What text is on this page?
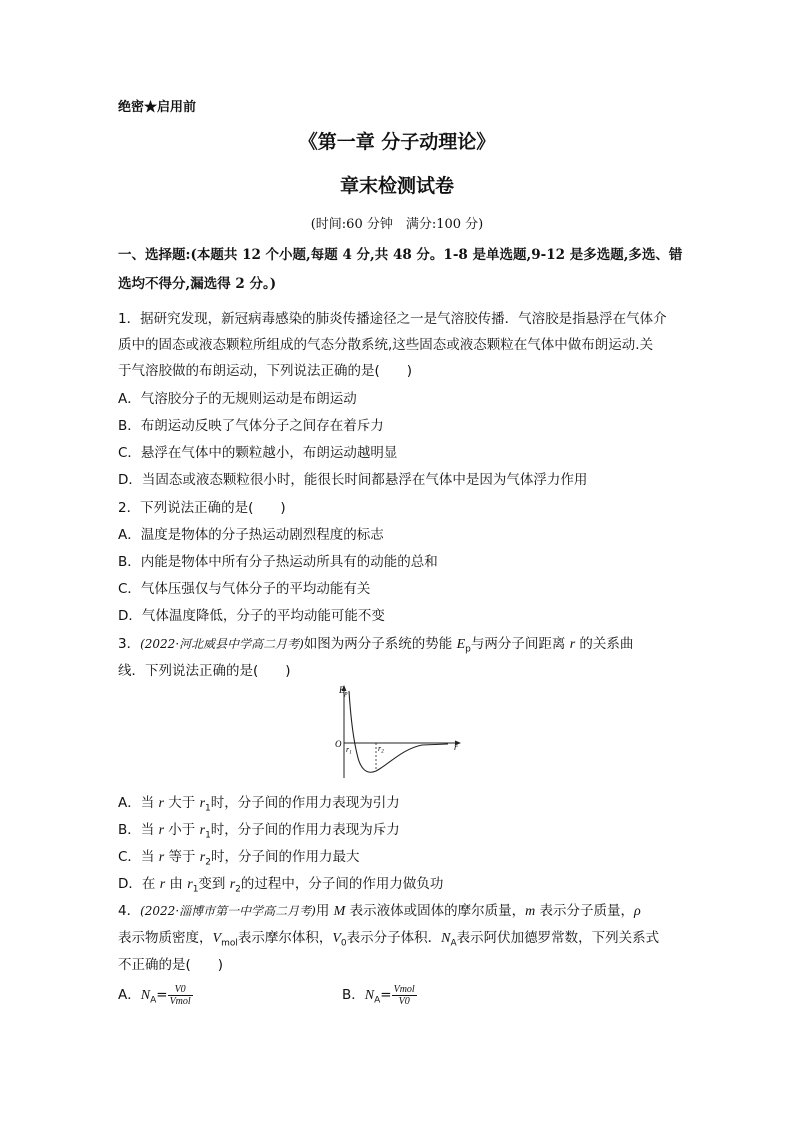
绝密★启用前
《第一章 分子动理论》
章末检测试卷
(时间:60 分钟　满分:100 分)
一、选择题:(本题共 12 个小题,每题 4 分,共 48 分。1-8 是单选题,9-12 是多选题,多选、错选均不得分,漏选得 2 分。)
1．据研究发现，新冠病毒感染的肺炎传播途径之一是气溶胶传播．气溶胶是指悬浮在气体介
质中的固态或液态颗粒所组成的气态分散系统,这些固态或液态颗粒在气体中做布朗运动.关
于气溶胶做的布朗运动，下列说法正确的是(　　)
A．气溶胶分子的无规则运动是布朗运动
B．布朗运动反映了气体分子之间存在着斥力
C．悬浮在气体中的颗粒越小，布朗运动越明显
D．当固态或液态颗粒很小时，能很长时间都悬浮在气体中是因为气体浮力作用
2．下列说法正确的是(　　)
A．温度是物体的分子热运动剧烈程度的标志
B．内能是物体中所有分子热运动所具有的动能的总和
C．气体压强仅与气体分子的平均动能有关
D．气体温度降低，分子的平均动能可能不变
3．(2022·河北威县中学高二月考)如图为两分子系统的势能 $E_p$与两分子间距离 r 的关系曲
线．下列说法正确的是(　　)
$E_p$
O
r1	r2	r
A．当 r 大于 $r_1$时，分子间的作用力表现为引力
B．当 r 小于 $r_1$时，分子间的作用力表现为斥力
C．当 r 等于 $r_2$时，分子间的作用力最大
D．在 r 由 $r_1$变到 $r_2$的过程中，分子间的作用力做负功
4．(2022·淄博市第一中学高二月考)用 M 表示液体或固体的摩尔质量，m 表示分子质量，ρ
表示物质密度，$V_{mol}$表示摩尔体积，$V_0$表示分子体积．$N_A$表示阿伏加德罗常数，下列关系式
不正确的是(　　)
A．$N_A= \frac{V0}{\text{Vmol}}$	B．$N_A= \frac{\text{Vmol}}{V0}$
